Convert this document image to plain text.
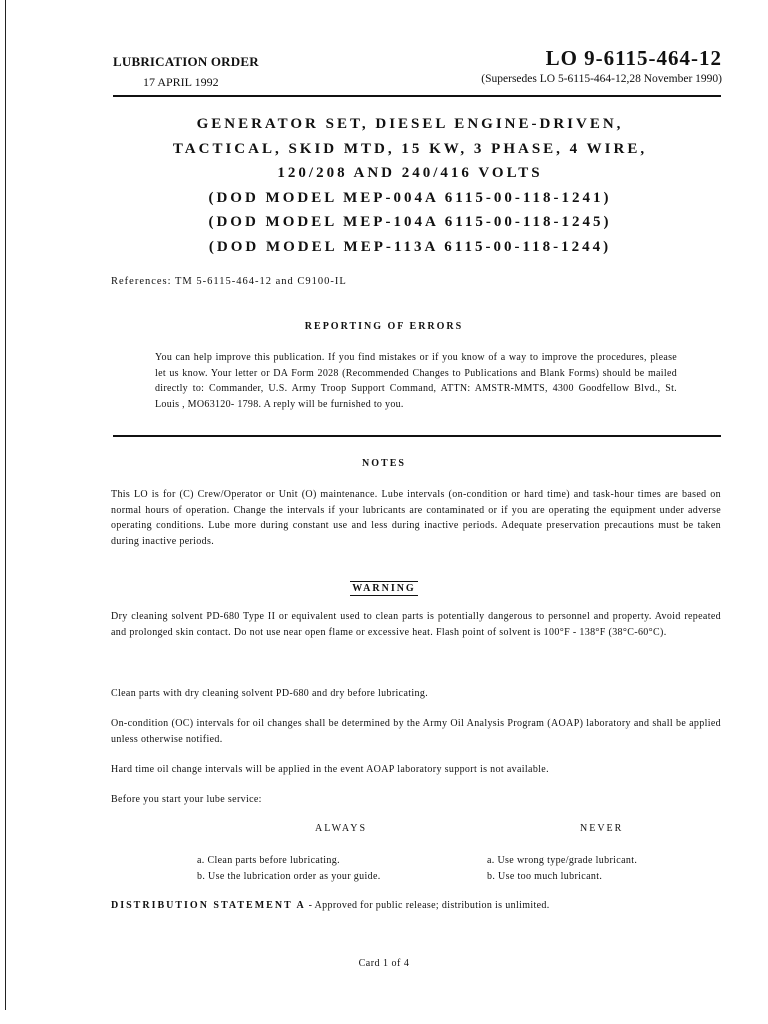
LUBRICATION ORDER
17 APRIL 1992
LO 9-6115-464-12
(Supersedes LO 5-6115-464-12,28 November 1990)
GENERATOR SET, DIESEL ENGINE-DRIVEN,
TACTICAL, SKID MTD, 15 KW, 3 PHASE, 4 WIRE,
120/208 AND 240/416 VOLTS
(DOD MODEL MEP-004A 6115-00-118-1241)
(DOD MODEL MEP-104A 6115-00-118-1245)
(DOD MODEL MEP-113A 6115-00-118-1244)
References: TM 5-6115-464-12 and C9100-IL
REPORTING OF ERRORS
You can help improve this publication. If you find mistakes or if you know of a way to improve the procedures, please let us know. Your letter or DA Form 2028 (Recommended Changes to Publications and Blank Forms) should be mailed directly to: Commander, U.S. Army Troop Support Command, ATTN: AMSTR-MMTS, 4300 Goodfellow Blvd., St. Louis , MO63120- 1798. A reply will be furnished to you.
NOTES
This LO is for (C) Crew/Operator or Unit (O) maintenance. Lube intervals (on-condition or hard time) and task-hour times are based on normal hours of operation. Change the intervals if your lubricants are contaminated or if you are operating the equipment under adverse operating conditions. Lube more during constant use and less during inactive periods. Adequate preservation precautions must be taken during inactive periods.
WARNING
Dry cleaning solvent PD-680 Type II or equivalent used to clean parts is potentially dangerous to personnel and property. Avoid repeated and prolonged skin contact. Do not use near open flame or excessive heat. Flash point of solvent is 100°F - 138°F (38°C-60°C).
Clean parts with dry cleaning solvent PD-680 and dry before lubricating.
On-condition (OC) intervals for oil changes shall be determined by the Army Oil Analysis Program (AOAP) laboratory and shall be applied unless otherwise notified.
Hard time oil change intervals will be applied in the event AOAP laboratory support is not available.
Before you start your lube service:
ALWAYS	NEVER
a. Clean parts before lubricating.
b. Use the lubrication order as your guide.
a. Use wrong type/grade lubricant.
b. Use too much lubricant.
DISTRIBUTION STATEMENT A - Approved for public release; distribution is unlimited.
Card 1 of 4
